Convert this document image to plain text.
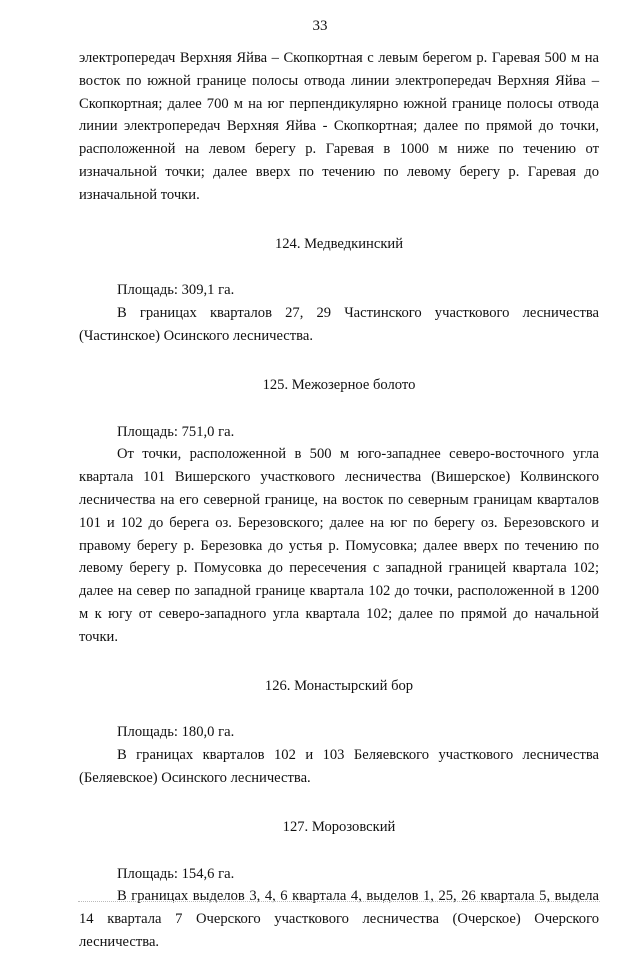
33

электропередач Верхняя Яйва – Скопкортная с левым берегом р. Гаревая 500 м на восток по южной границе полосы отвода линии электропередач Верхняя Яйва – Скопкортная; далее 700 м на юг перпендикулярно южной границе полосы отвода линии электропередач Верхняя Яйва - Скопкортная; далее по прямой до точки, расположенной на левом берегу р. Гаревая в 1000 м ниже по течению от изначальной точки; далее вверх по течению по левому берегу р. Гаревая до изначальной точки.

124. Медведкинский

Площадь: 309,1 га.

В границах кварталов 27, 29 Частинского участкового лесничества (Частинское) Осинского лесничества.

125. Межозерное болото

Площадь: 751,0 га.

От точки, расположенной в 500 м юго-западнее северо-восточного угла квартала 101 Вишерского участкового лесничества (Вишерское) Колвинского лесничества на его северной границе, на восток по северным границам кварталов 101 и 102 до берега оз. Березовского; далее на юг по берегу оз. Березовского и правому берегу р. Березовка до устья р. Помусовка; далее вверх по течению по левому берегу р. Помусовка до пересечения с западной границей квартала 102; далее на север по западной границе квартала 102 до точки, расположенной в 1200 м к югу от северо-западного угла квартала 102; далее по прямой до начальной точки.

126. Монастырский бор

Площадь: 180,0 га.

В границах кварталов 102 и 103 Беляевского участкового лесничества (Беляевское) Осинского лесничества.

127. Морозовский

Площадь: 154,6 га.

В границах выделов 3, 4, 6 квартала 4, выделов 1, 25, 26 квартала 5, выдела 14 квартала 7 Очерского участкового лесничества (Очерское) Очерского лесничества.
